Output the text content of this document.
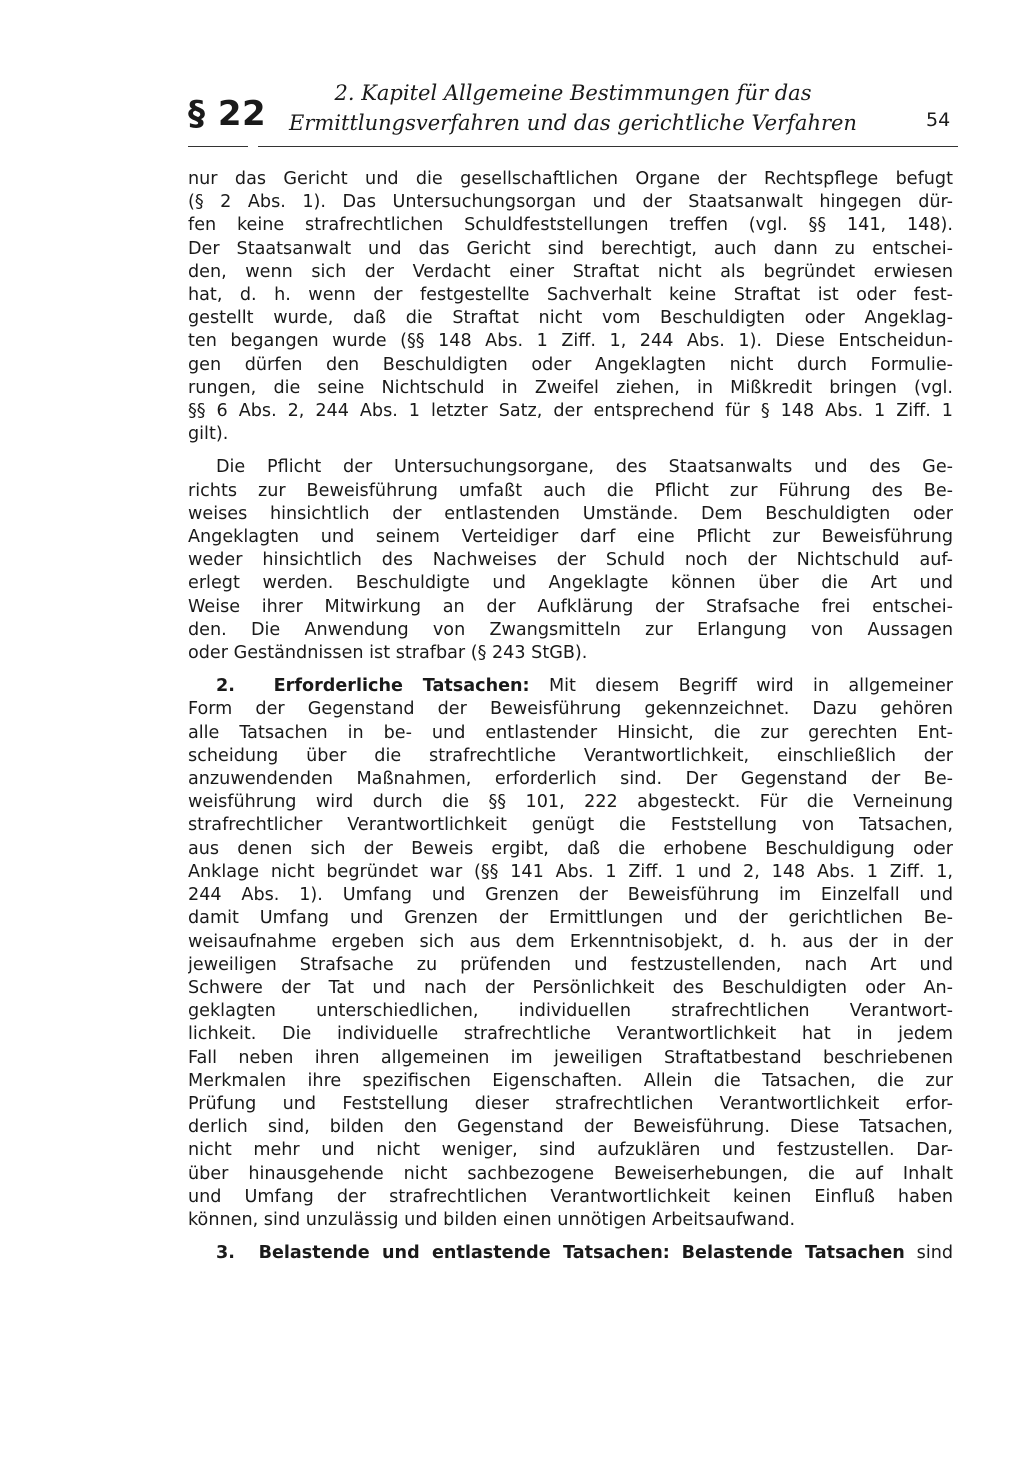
§ 22
2. Kapitel Allgemeine Bestimmungen für das
Ermittlungsverfahren und das gerichtliche Verfahren	54
nur das Gericht und die gesellschaftlichen Organe der Rechtspflege befugt
(§ 2 Abs. 1). Das Untersuchungsorgan und der Staatsanwalt hingegen dür-
fen keine strafrechtlichen Schuldfeststellungen treffen (vgl. §§ 141, 148).
Der Staatsanwalt und das Gericht sind berechtigt, auch dann zu entschei-
den, wenn sich der Verdacht einer Straftat nicht als begründet erwiesen
hat, d. h. wenn der festgestellte Sachverhalt keine Straftat ist oder fest-
gestellt wurde, daß die Straftat nicht vom Beschuldigten oder Angeklag-
ten begangen wurde (§§ 148 Abs. 1 Ziff. 1, 244 Abs. 1). Diese Entscheidun-
gen dürfen den Beschuldigten oder Angeklagten nicht durch Formulie-
rungen, die seine Nichtschuld in Zweifel ziehen, in Mißkredit bringen (vgl.
§§ 6 Abs. 2, 244 Abs. 1 letzter Satz, der entsprechend für § 148 Abs. 1 Ziff. 1
gilt).
Die Pflicht der Untersuchungsorgane, des Staatsanwalts und des Ge-
richts zur Beweisführung umfaßt auch die Pflicht zur Führung des Be-
weises hinsichtlich der entlastenden Umstände. Dem Beschuldigten oder
Angeklagten und seinem Verteidiger darf eine Pflicht zur Beweisführung
weder hinsichtlich des Nachweises der Schuld noch der Nichtschuld auf-
erlegt werden. Beschuldigte und Angeklagte können über die Art und
Weise ihrer Mitwirkung an der Aufklärung der Strafsache frei entschei-
den. Die Anwendung von Zwangsmitteln zur Erlangung von Aussagen
oder Geständnissen ist strafbar (§ 243 StGB).
2. Erforderliche Tatsachen: Mit diesem Begriff wird in allgemeiner
Form der Gegenstand der Beweisführung gekennzeichnet. Dazu gehören
alle Tatsachen in be- und entlastender Hinsicht, die zur gerechten Ent-
scheidung über die strafrechtliche Verantwortlichkeit, einschließlich der
anzuwendenden Maßnahmen, erforderlich sind. Der Gegenstand der Be-
weisführung wird durch die §§ 101, 222 abgesteckt. Für die Verneinung
strafrechtlicher Verantwortlichkeit genügt die Feststellung von Tatsachen,
aus denen sich der Beweis ergibt, daß die erhobene Beschuldigung oder
Anklage nicht begründet war (§§ 141 Abs. 1 Ziff. 1 und 2, 148 Abs. 1 Ziff. 1,
244 Abs. 1). Umfang und Grenzen der Beweisführung im Einzelfall und
damit Umfang und Grenzen der Ermittlungen und der gerichtlichen Be-
weisaufnahme ergeben sich aus dem Erkenntnisobjekt, d. h. aus der in der
jeweiligen Strafsache zu prüfenden und festzustellenden, nach Art und
Schwere der Tat und nach der Persönlichkeit des Beschuldigten oder An-
geklagten unterschiedlichen, individuellen strafrechtlichen Verantwort-
lichkeit. Die individuelle strafrechtliche Verantwortlichkeit hat in jedem
Fall neben ihren allgemeinen im jeweiligen Straftatbestand beschriebenen
Merkmalen ihre spezifischen Eigenschaften. Allein die Tatsachen, die zur
Prüfung und Feststellung dieser strafrechtlichen Verantwortlichkeit erfor-
derlich sind, bilden den Gegenstand der Beweisführung. Diese Tatsachen,
nicht mehr und nicht weniger, sind aufzuklären und festzustellen. Dar-
über hinausgehende nicht sachbezogene Beweiserhebungen, die auf Inhalt
und Umfang der strafrechtlichen Verantwortlichkeit keinen Einfluß haben
können, sind unzulässig und bilden einen unnötigen Arbeitsaufwand.
3. Belastende und entlastende Tatsachen: Belastende Tatsachen sind
